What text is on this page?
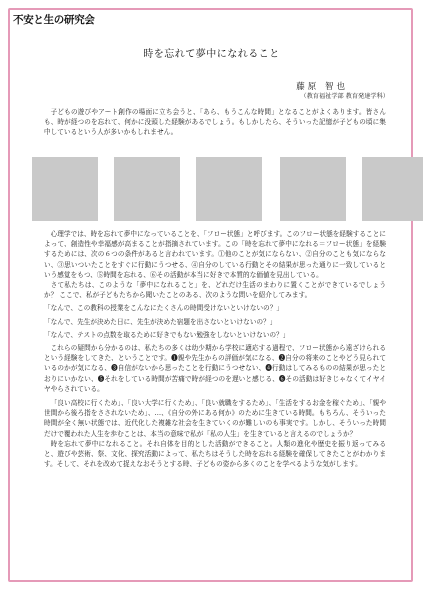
不安と生の研究会
時を忘れて夢中になれること
藤原 智也
（教育福祉学部 教育発達学科）

子どもの遊びやアート創作の場面に立ち会うと、「あら、もうこんな時間」となることがよくあります。皆さんも、時が経つのを忘れて、何かに没頭した経験があるでしょう。もしかしたら、そういった記憶が子どもの頃に集中しているという人が多いかもしれません。

心理学では、時を忘れて夢中になっていることを、「フロー状態」と呼びます。このフロー状態を経験することによって、創造性や幸福感が高まることが指摘されています。この「時を忘れて夢中になれる＝フロー状態」を経験するためには、次の６つの条件があると言われています。①他のことが気にならない、②自分のことも気にならない、③思いついたことをすぐに行動にうつせる、④自分のしている行動とその結果が思った通りに一致しているという感覚をもつ、⑤時間を忘れる、⑥その活動が本当に好きで本質的な価値を見出している。

さて私たちは、このような「夢中になれること」を、どれだけ生活のまわりに置くことができているでしょうか？ ここで、私が子どもたちから聞いたことのある、次のような問いを紹介してみます。

「なんで、この教科の授業をこんなにたくさんの時間受けないといけないの？」

「なんで、先生が決めた日に、先生が決めた宿題を出さないといけないの？」

「なんで、テストの点数を取るために好きでもない勉強をしないといけないの？」

これらの疑問から分かるのは、私たちの多くは幼少期から学校に適応する過程で、フロー状態から遠ざけられるという経験をしてきた、ということです。❶親や先生からの評価が気になる、❷自分の将来のことやどう見られているのかが気になる、❸自信がないから思ったことを行動にうつせない、❹行動はしてみるものの結果が思ったとおりにいかない、❺それをしている時間が苦痛で時が経つのを遅いと感じる、❻その活動は好きじゃなくてイヤイヤやらされている。

「良い高校に行くため」、「良い大学に行くため」、「良い就職をするため」、「生活をするお金を稼ぐため」、「親や世間から後ろ指をさされないため」、…、《自分の外にある何か》のために生きている時間。もちろん、そういった時間が全く無い状態では、近代化した複雑な社会を生きていくのが難しいのも事実です。しかし、そういった時間だけで覆われた人生を歩むことは、本当の意味で私が「私の人生」を生きていると言えるのでしょうか？

時を忘れて夢中になれること。それ自体を目的とした活動ができること。人類の進化や歴史を振り返ってみると、遊びや芸術、祭、文化、探究活動によって、私たちはそうした時を忘れる経験を確保してきたことがわかります。そして、それを改めて捉えなおそうとする時、子どもの姿から多くのことを学べるような気がします。
